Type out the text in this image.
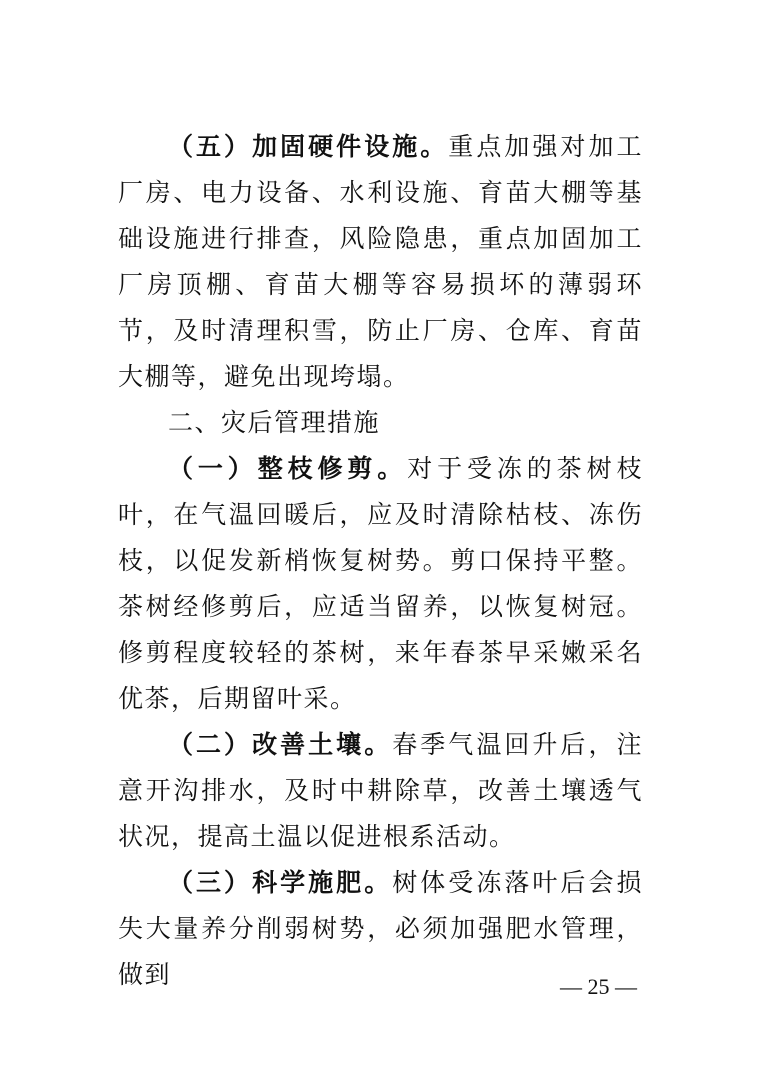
（五）加固硬件设施。重点加强对加工厂房、电力设备、水利设施、育苗大棚等基础设施进行排查，风险隐患，重点加固加工厂房顶棚、育苗大棚等容易损坏的薄弱环节，及时清理积雪，防止厂房、仓库、育苗大棚等，避免出现垮塌。

二、灾后管理措施

（一）整枝修剪。对于受冻的茶树枝叶，在气温回暖后，应及时清除枯枝、冻伤枝，以促发新梢恢复树势。剪口保持平整。茶树经修剪后，应适当留养，以恢复树冠。修剪程度较轻的茶树，来年春茶早采嫩采名优茶，后期留叶采。

（二）改善土壤。春季气温回升后，注意开沟排水，及时中耕除草，改善土壤透气状况，提高土温以促进根系活动。

（三）科学施肥。树体受冻落叶后会损失大量养分削弱树势，必须加强肥水管理，做到	— 25 —
